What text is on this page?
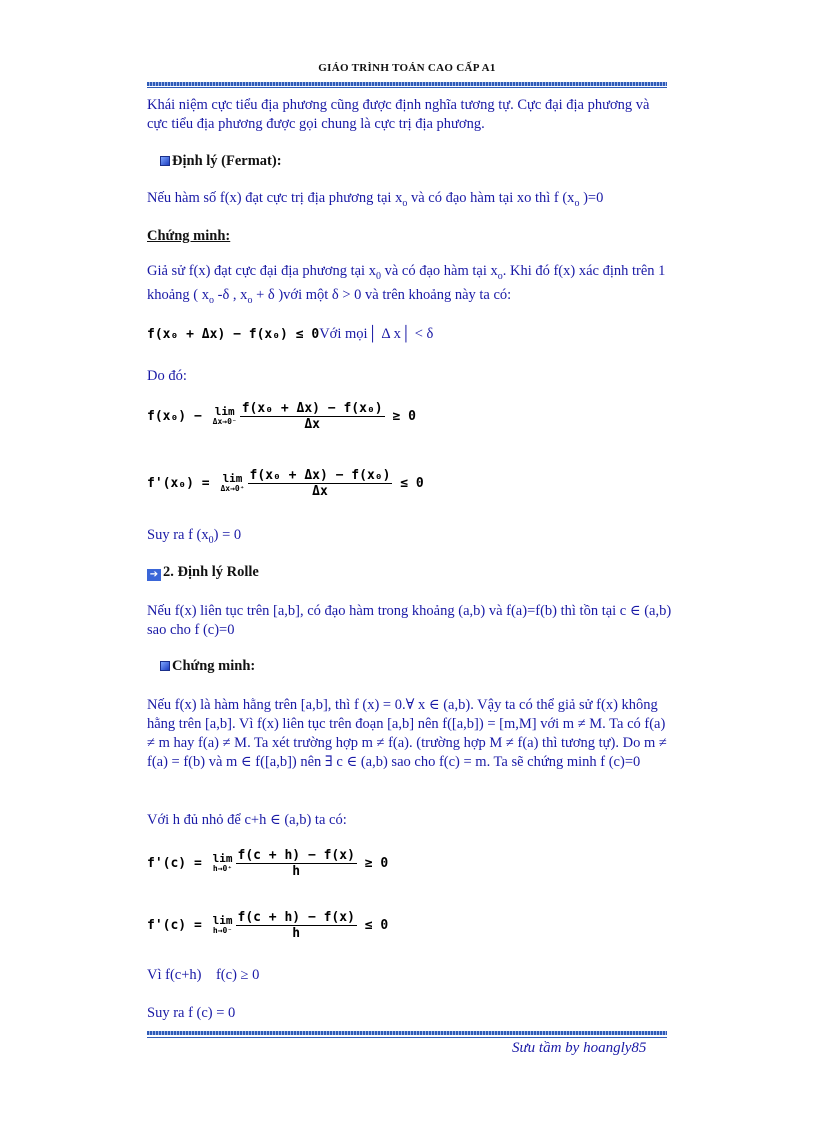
GIÁO TRÌNH TOÁN CAO CẤP A1
Khái niệm cực tiểu địa phương cũng được định nghĩa tương tự. Cực đại địa phương và cực tiểu địa phương được gọi chung là cực trị địa phương.
Định lý (Fermat):
Nếu hàm số f(x) đạt cực trị địa phương tại $x_o$ và có đạo hàm tại xo thì f ($x_o$ )=0
Chứng minh:
Giả sử f(x) đạt cực đại địa phương tại $x_0$ và có đạo hàm tại $x_o$. Khi đó f(x) xác định trên 1 khoảng ( $x_o$ -δ , $x_o + \delta$ )với một δ > 0 và trên khoảng này ta có:
f(x₀ + Δx) − f(x₀) ≤ 0Với mọi│ Δ x│ < δ
Do đó:
f(x₀) − lim
$\Delta x\to 0^- \frac{\text{f(x₀ + Δx) − f(x₀)}}{\Delta x} \ge 0$
f'(x₀) = lim
$\Delta x\to 0^+ \frac{\text{f(x₀ + Δx) − f(x₀)}}{\Delta x} \le 0$
Suy ra f $(x_0) = 0$
➔ 2. Định lý Rolle
Nếu f(x) liên tục trên [a,b], có đạo hàm trong khoảng (a,b) và f(a)=f(b) thì tồn tại c ∈ (a,b) sao cho f (c)=0
Chứng minh:
Nếu f(x) là hàm hằng trên [a,b], thì f (x) = 0.∀ x ∈ (a,b). Vậy ta có thể giả sử f(x) không hằng trên [a,b]. Vì f(x) liên tục trên đoạn [a,b] nên f([a,b]) = [m,M] với m ≠ M. Ta có f(a) ≠ m hay f(a) ≠ M. Ta xét trường hợp m ≠ f(a). (trường hợp M ≠ f(a) thì tương tự). Do m ≠ f(a) = f(b) và m ∈ f([a,b]) nên ∃ c ∈ (a,b) sao cho f(c) = m. Ta sẽ chứng minh f (c)=0
Với h đủ nhỏ để c+h ∈ (a,b) ta có:
f'(c) = lim
$h\to 0^+ \frac{f(c + h) - f(x)}{h} \ge 0$
f'(c) = lim
$h\to 0^- \frac{f(c + h) - f(x)}{h} \le 0$
Vì f(c+h)    f(c) ≥ 0
Suy ra f (c) = 0
Sưu tầm by hoangly85
